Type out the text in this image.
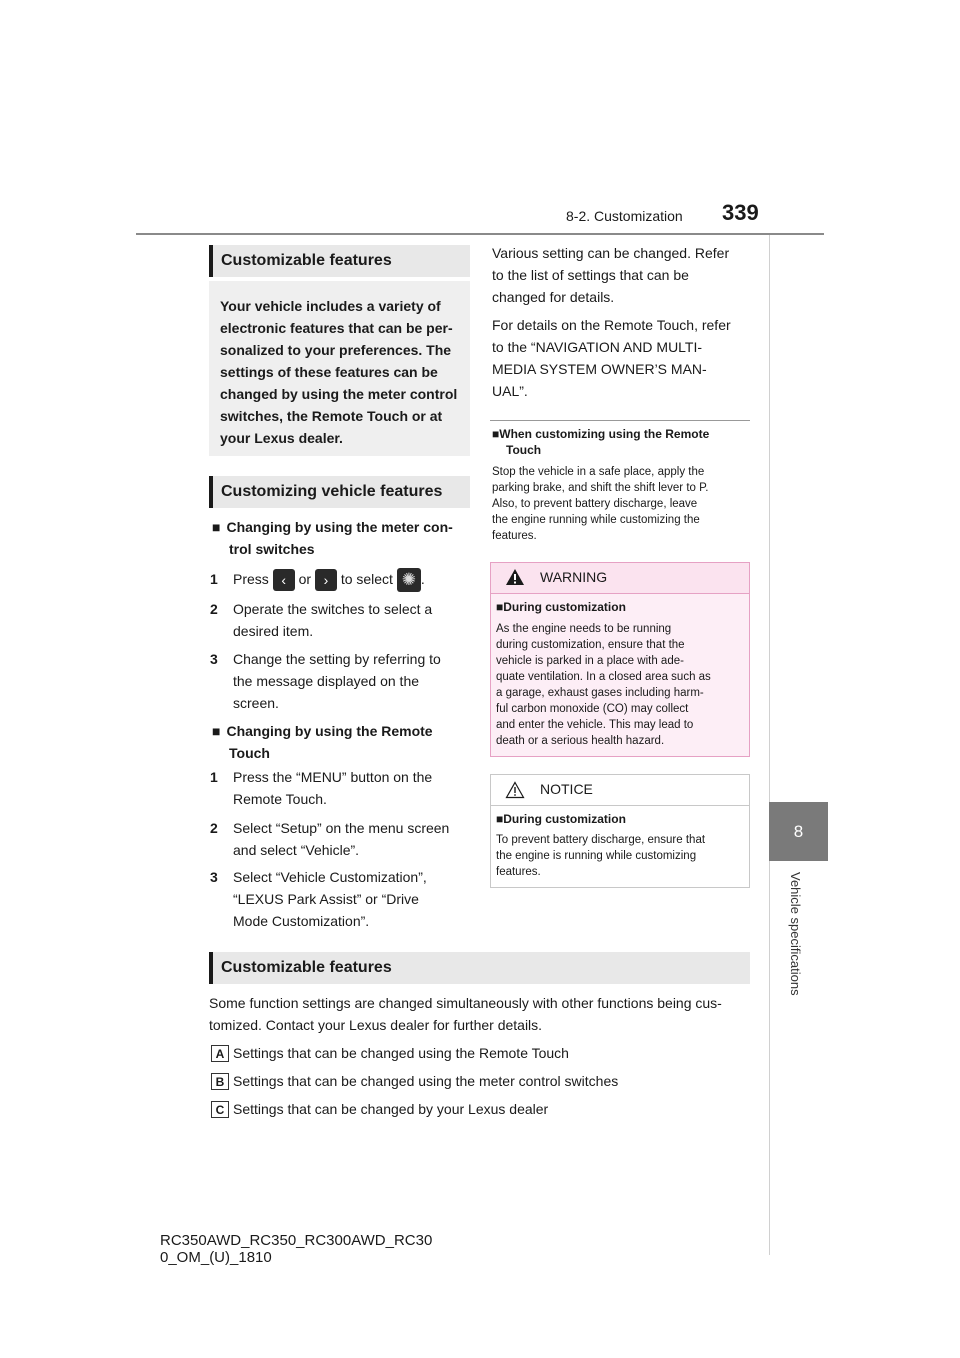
8-2. Customization 339
8
Vehicle specifications
Customizable features
Your vehicle includes a variety of
electronic features that can be per-
sonalized to your preferences. The
settings of these features can be
changed by using the meter control
switches, the Remote Touch or at
your Lexus dealer.
Customizing vehicle features
■ Changing by using the meter con-
trol switches
1 Press ‹ or › to select ✺ .
2 Operate the switches to select a
desired item.
3 Change the setting by referring to
the message displayed on the
screen.
■ Changing by using the Remote
Touch
1 Press the “MENU” button on the
Remote Touch.
2 Select “Setup” on the menu screen
and select “Vehicle”.
3 Select “Vehicle Customization”,
“LEXUS Park Assist” or “Drive
Mode Customization”.
Various setting can be changed. Refer
to the list of settings that can be
changed for details.
For details on the Remote Touch, refer
to the “NAVIGATION AND MULTI-
MEDIA SYSTEM OWNER’S MAN-
UAL”.
■When customizing using the Remote
Touch
Stop the vehicle in a safe place, apply the
parking brake, and shift the shift lever to P.
Also, to prevent battery discharge, leave
the engine running while customizing the
features.
WARNING
■During customization
As the engine needs to be running
during customization, ensure that the
vehicle is parked in a place with ade-
quate ventilation. In a closed area such as
a garage, exhaust gases including harm-
ful carbon monoxide (CO) may collect
and enter the vehicle. This may lead to
death or a serious health hazard.
NOTICE
■During customization
To prevent battery discharge, ensure that
the engine is running while customizing
features.
Customizable features
Some function settings are changed simultaneously with other functions being cus-
tomized. Contact your Lexus dealer for further details.
A Settings that can be changed using the Remote Touch
B Settings that can be changed using the meter control switches
C Settings that can be changed by your Lexus dealer
RC350AWD_RC350_RC300AWD_RC30
0_OM_(U)_1810
